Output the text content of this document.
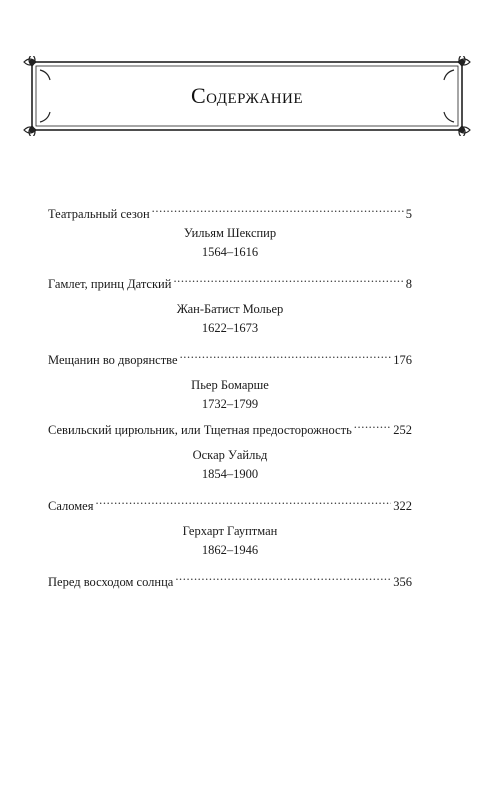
Содержание
Театральный сезон .....	5
Уильям Шекспир
1564–1616
Гамлет, принц Датский .....	8
Жан-Батист Мольер
1622–1673
Мещанин во дворянстве .....	176
Пьер Бомарше
1732–1799
Севильский цирюльник, или Тщетная предосторожность .....	252
Оскар Уайльд
1854–1900
Саломея .....	322
Герхарт Гауптман
1862–1946
Перед восходом солнца .....	356
